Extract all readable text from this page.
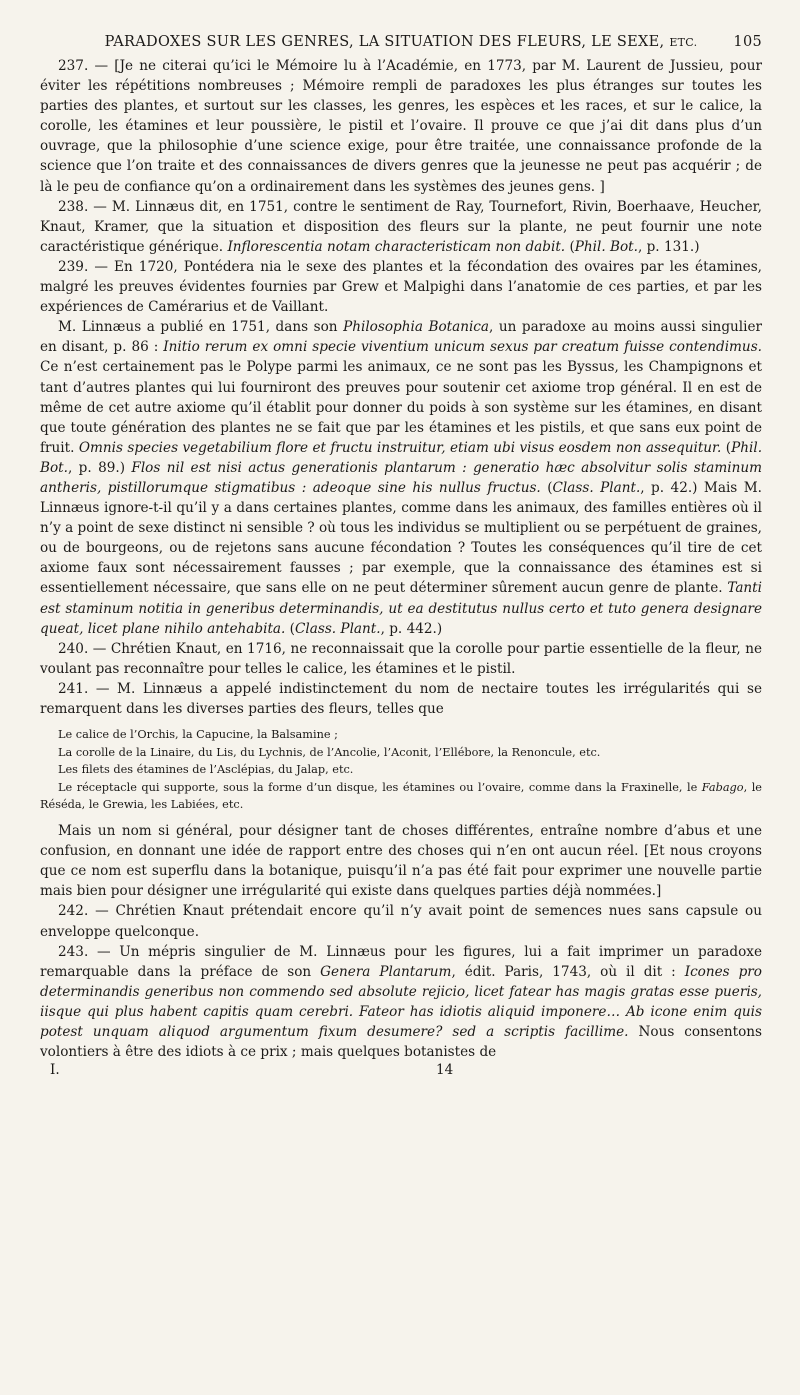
PARADOXES SUR LES GENRES, LA SITUATION DES FLEURS, LE SEXE, ETC. 105

237. — [Je ne citerai qu’ici le Mémoire lu à l’Académie, en 1773, par M. Laurent de Jussieu, pour éviter les répétitions nombreuses ; Mémoire rempli de paradoxes les plus étranges sur toutes les parties des plantes, et surtout sur les classes, les genres, les espèces et les races, et sur le calice, la corolle, les étamines et leur poussière, le pistil et l’ovaire. Il prouve ce que j’ai dit dans plus d’un ouvrage, que la philosophie d’une science exige, pour être traitée, une connaissance profonde de la science que l’on traite et des connaissances de divers genres que la jeunesse ne peut pas acquérir ; de là le peu de confiance qu’on a ordinairement dans les systèmes des jeunes gens. ]

238. — M. Linnæus dit, en 1751, contre le sentiment de Ray, Tournefort, Rivin, Boerhaave, Heucher, Knaut, Kramer, que la situation et disposition des fleurs sur la plante, ne peut fournir une note caractéristique générique. Inflorescentia notam characteristicam non dabit. (Phil. Bot., p. 131.)

239. — En 1720, Pontédera nia le sexe des plantes et la fécondation des ovaires par les étamines, malgré les preuves évidentes fournies par Grew et Malpighi dans l’anatomie de ces parties, et par les expériences de Camérarius et de Vaillant.

M. Linnæus a publié en 1751, dans son Philosophia Botanica, un paradoxe au moins aussi singulier en disant, p. 86 : Initio rerum ex omni specie viventium unicum sexus par creatum fuisse contendimus. Ce n’est certainement pas le Polype parmi les animaux, ce ne sont pas les Byssus, les Champignons et tant d’autres plantes qui lui fourniront des preuves pour soutenir cet axiome trop général. Il en est de même de cet autre axiome qu’il établit pour donner du poids à son système sur les étamines, en disant que toute génération des plantes ne se fait que par les étamines et les pistils, et que sans eux point de fruit. Omnis species vegetabilium flore et fructu instruitur, etiam ubi visus eosdem non assequitur. (Phil. Bot., p. 89.) Flos nil est nisi actus generationis plantarum : generatio hæc absolvitur solis staminum antheris, pistillorumque stigmatibus : adeoque sine his nullus fructus. (Class. Plant., p. 42.) Mais M. Linnæus ignore-t-il qu’il y a dans certaines plantes, comme dans les animaux, des familles entières où il n’y a point de sexe distinct ni sensible ? où tous les individus se multiplient ou se perpétuent de graines, ou de bourgeons, ou de rejetons sans aucune fécondation ? Toutes les conséquences qu’il tire de cet axiome faux sont nécessairement fausses ; par exemple, que la connaissance des étamines est si essentiellement nécessaire, que sans elle on ne peut déterminer sûrement aucun genre de plante. Tanti est staminum notitia in generibus determinandis, ut ea destitutus nullus certo et tuto genera designare queat, licet plane nihilo antehabita. (Class. Plant., p. 442.)

240. — Chrétien Knaut, en 1716, ne reconnaissait que la corolle pour partie essentielle de la fleur, ne voulant pas reconnaître pour telles le calice, les étamines et le pistil.

241. — M. Linnæus a appelé indistinctement du nom de nectaire toutes les irrégularités qui se remarquent dans les diverses parties des fleurs, telles que

Le calice de l’Orchis, la Capucine, la Balsamine ;

La corolle de la Linaire, du Lis, du Lychnis, de l’Ancolie, l’Aconit, l’Ellébore, la Renoncule, etc.

Les filets des étamines de l’Asclépias, du Jalap, etc.

Le réceptacle qui supporte, sous la forme d’un disque, les étamines ou l’ovaire, comme dans la Fraxinelle, le Fabago, le Réséda, le Grewia, les Labiées, etc.

Mais un nom si général, pour désigner tant de choses différentes, entraîne nombre d’abus et une confusion, en donnant une idée de rapport entre des choses qui n’en ont aucun réel. [Et nous croyons que ce nom est superflu dans la botanique, puisqu’il n’a pas été fait pour exprimer une nouvelle partie mais bien pour désigner une irrégularité qui existe dans quelques parties déjà nommées.]

242. — Chrétien Knaut prétendait encore qu’il n’y avait point de semences nues sans capsule ou enveloppe quelconque.

243. — Un mépris singulier de M. Linnæus pour les figures, lui a fait imprimer un paradoxe remarquable dans la préface de son Genera Plantarum, édit. Paris, 1743, où il dit : Icones pro determinandis generibus non commendo sed absolute rejicio, licet fatear has magis gratas esse pueris, iisque qui plus habent capitis quam cerebri. Fateor has idiotis aliquid imponere… Ab icone enim quis potest unquam aliquod argumentum fixum desumere? sed a scriptis facillime. Nous consentons volontiers à être des idiots à ce prix ; mais quelques botanistes de

I.	14
